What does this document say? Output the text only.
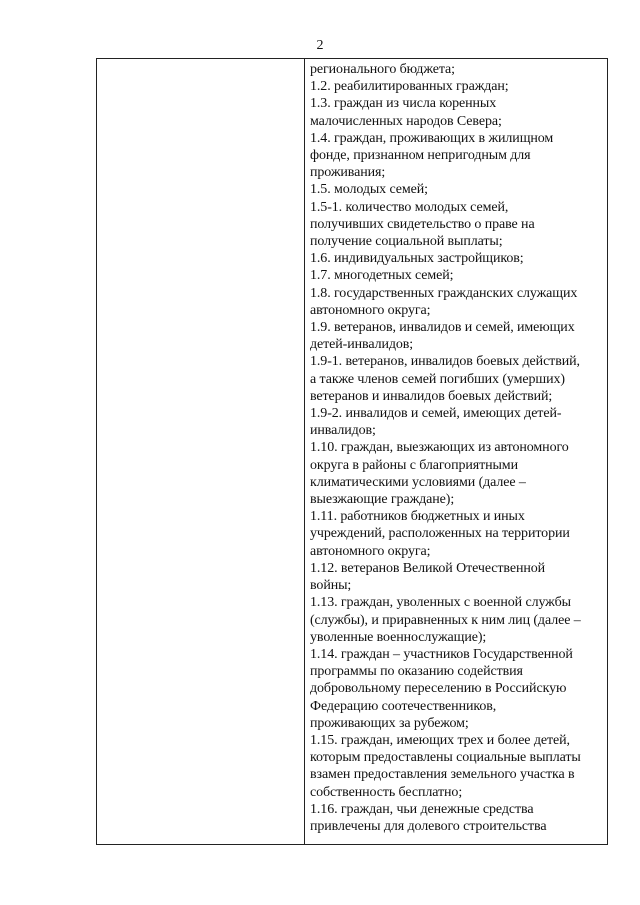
2
регионального бюджета;
1.2. реабилитированных граждан;
1.3. граждан из числа коренных
малочисленных народов Севера;
1.4. граждан, проживающих в жилищном
фонде, признанном непригодным для
проживания;
1.5. молодых семей;
1.5-1. количество молодых семей,
получивших свидетельство о праве на
получение социальной выплаты;
1.6. индивидуальных застройщиков;
1.7. многодетных семей;
1.8. государственных гражданских служащих
автономного округа;
1.9. ветеранов, инвалидов и семей, имеющих
детей-инвалидов;
1.9-1. ветеранов, инвалидов боевых действий,
а также членов семей погибших (умерших)
ветеранов и инвалидов боевых действий;
1.9-2. инвалидов и семей, имеющих детей-
инвалидов;
1.10. граждан, выезжающих из автономного
округа в районы с благоприятными
климатическими условиями (далее –
выезжающие граждане);
1.11. работников бюджетных и иных
учреждений, расположенных на территории
автономного округа;
1.12. ветеранов Великой Отечественной
войны;
1.13. граждан, уволенных с военной службы
(службы), и приравненных к ним лиц (далее –
уволенные военнослужащие);
1.14. граждан – участников Государственной
программы по оказанию содействия
добровольному переселению в Российскую
Федерацию соотечественников,
проживающих за рубежом;
1.15. граждан, имеющих трех и более детей,
которым предоставлены социальные выплаты
взамен предоставления земельного участка в
собственность бесплатно;
1.16. граждан, чьи денежные средства
привлечены для долевого строительства
